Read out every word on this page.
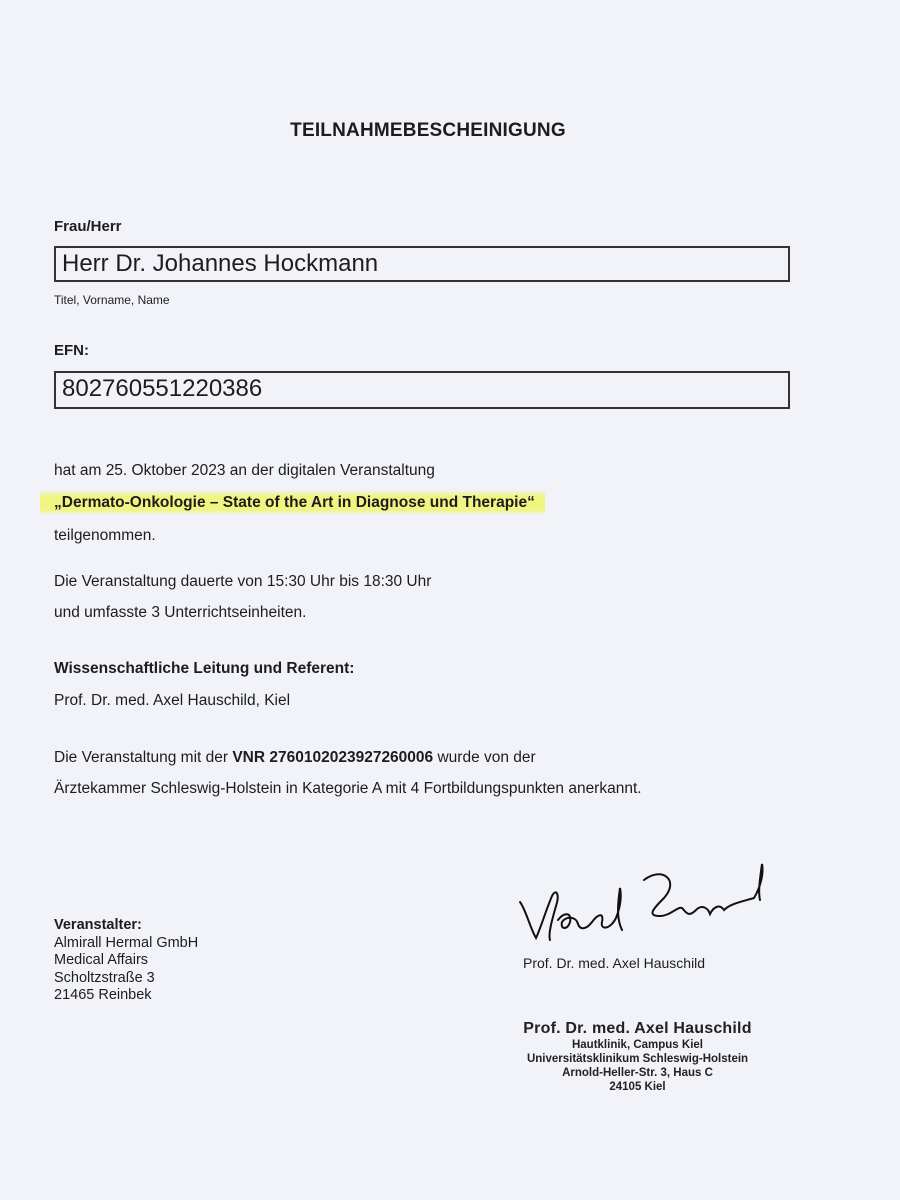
TEILNAHMEBESCHEINIGUNG
Frau/Herr
Herr Dr. Johannes Hockmann
Titel, Vorname, Name
EFN:
802760551220386
hat am 25. Oktober 2023 an der digitalen Veranstaltung
„Dermato-Onkologie – State of the Art in Diagnose und Therapie“
teilgenommen.
Die Veranstaltung dauerte von 15:30 Uhr bis 18:30 Uhr
und umfasste 3 Unterrichtseinheiten.
Wissenschaftliche Leitung und Referent:
Prof. Dr. med. Axel Hauschild, Kiel
Die Veranstaltung mit der VNR 2760102023927260006 wurde von der
Ärztekammer Schleswig-Holstein in Kategorie A mit 4 Fortbildungspunkten anerkannt.
Veranstalter:
Almirall Hermal GmbH
Medical Affairs
Scholtzstraße 3
21465 Reinbek
Prof. Dr. med. Axel Hauschild
Prof. Dr. med. Axel Hauschild
Hautklinik, Campus Kiel
Universitätsklinikum Schleswig-Holstein
Arnold-Heller-Str. 3, Haus C
24105 Kiel
